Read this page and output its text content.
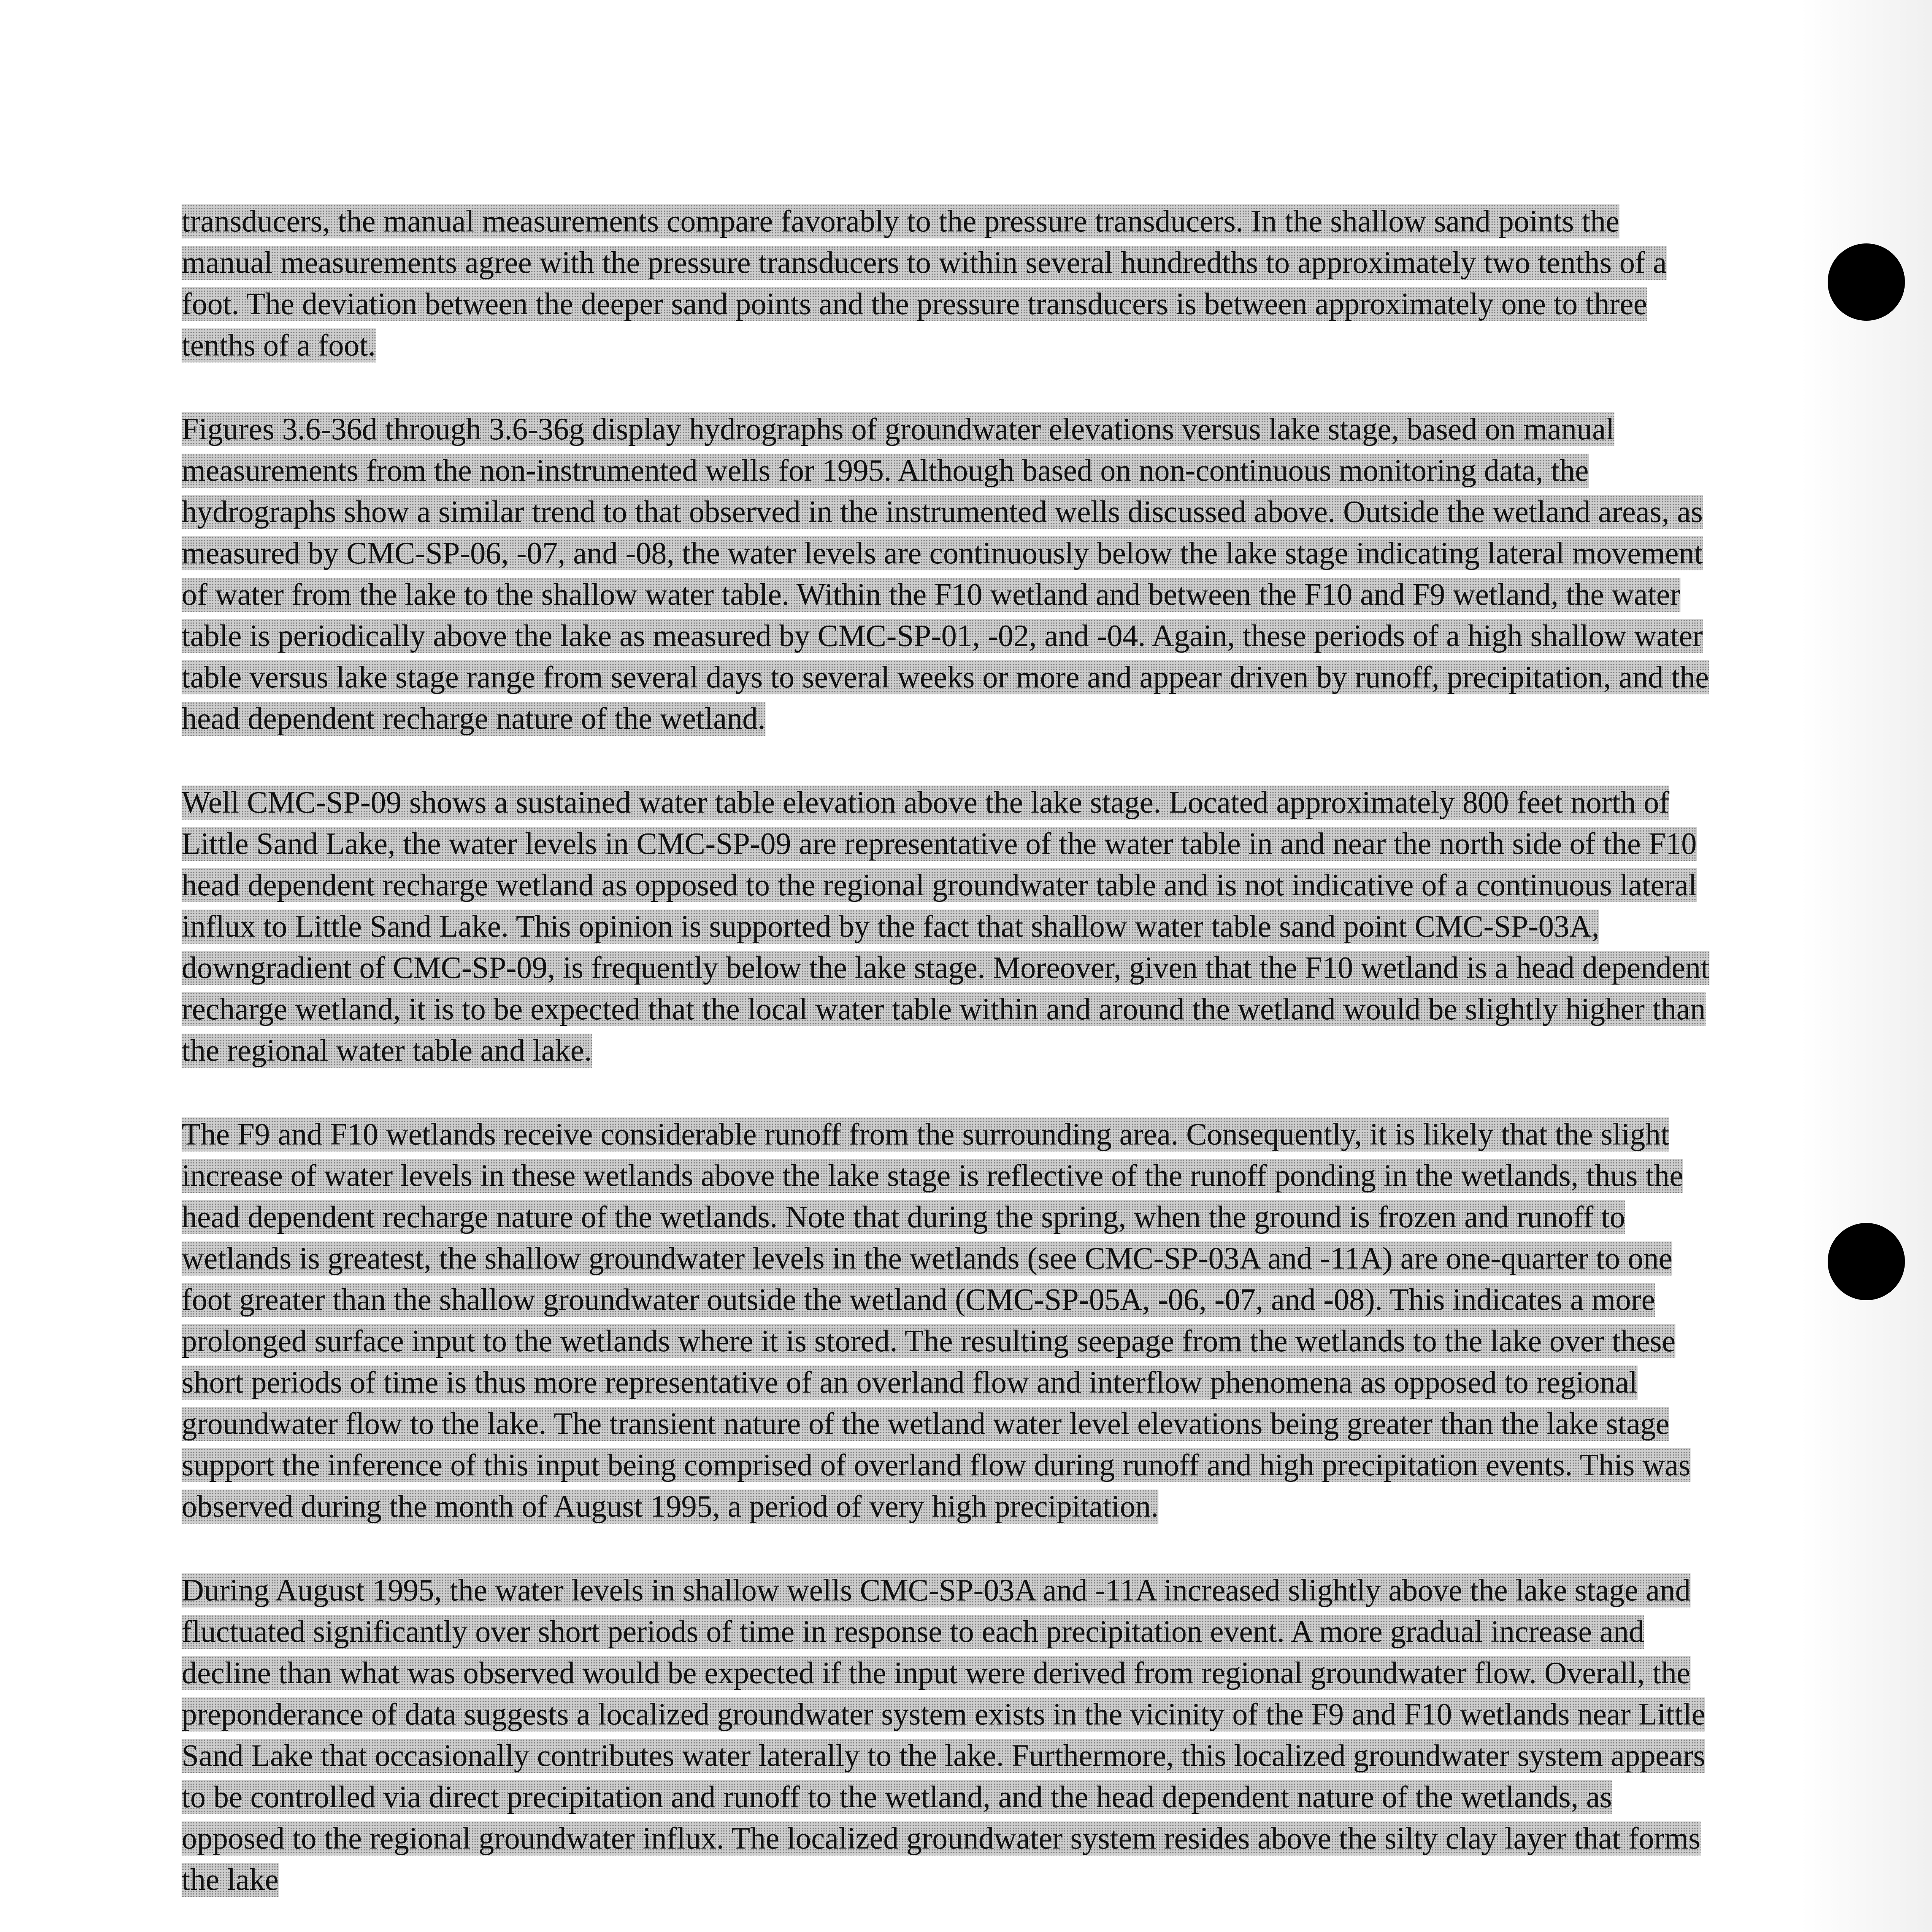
transducers, the manual measurements compare favorably to the pressure transducers. In the shallow sand points the manual measurements agree with the pressure transducers to within several hundredths to approximately two tenths of a foot. The deviation between the deeper sand points and the pressure transducers is between approximately one to three tenths of a foot.

Figures 3.6-36d through 3.6-36g display hydrographs of groundwater elevations versus lake stage, based on manual measurements from the non-instrumented wells for 1995. Although based on non-continuous monitoring data, the hydrographs show a similar trend to that observed in the instrumented wells discussed above. Outside the wetland areas, as measured by CMC-SP-06, -07, and -08, the water levels are continuously below the lake stage indicating lateral movement of water from the lake to the shallow water table. Within the F10 wetland and between the F10 and F9 wetland, the water table is periodically above the lake as measured by CMC-SP-01, -02, and -04. Again, these periods of a high shallow water table versus lake stage range from several days to several weeks or more and appear driven by runoff, precipitation, and the head dependent recharge nature of the wetland.

Well CMC-SP-09 shows a sustained water table elevation above the lake stage. Located approximately 800 feet north of Little Sand Lake, the water levels in CMC-SP-09 are representative of the water table in and near the north side of the F10 head dependent recharge wetland as opposed to the regional groundwater table and is not indicative of a continuous lateral influx to Little Sand Lake. This opinion is supported by the fact that shallow water table sand point CMC-SP-03A, downgradient of CMC-SP-09, is frequently below the lake stage. Moreover, given that the F10 wetland is a head dependent recharge wetland, it is to be expected that the local water table within and around the wetland would be slightly higher than the regional water table and lake.

The F9 and F10 wetlands receive considerable runoff from the surrounding area. Consequently, it is likely that the slight increase of water levels in these wetlands above the lake stage is reflective of the runoff ponding in the wetlands, thus the head dependent recharge nature of the wetlands. Note that during the spring, when the ground is frozen and runoff to wetlands is greatest, the shallow groundwater levels in the wetlands (see CMC-SP-03A and -11A) are one-quarter to one foot greater than the shallow groundwater outside the wetland (CMC-SP-05A, -06, -07, and -08). This indicates a more prolonged surface input to the wetlands where it is stored. The resulting seepage from the wetlands to the lake over these short periods of time is thus more representative of an overland flow and interflow phenomena as opposed to regional groundwater flow to the lake. The transient nature of the wetland water level elevations being greater than the lake stage support the inference of this input being comprised of overland flow during runoff and high precipitation events. This was observed during the month of August 1995, a period of very high precipitation.

During August 1995, the water levels in shallow wells CMC-SP-03A and -11A increased slightly above the lake stage and fluctuated significantly over short periods of time in response to each precipitation event. A more gradual increase and decline than what was observed would be expected if the input were derived from regional groundwater flow. Overall, the preponderance of data suggests a localized groundwater system exists in the vicinity of the F9 and F10 wetlands near Little Sand Lake that occasionally contributes water laterally to the lake. Furthermore, this localized groundwater system appears to be controlled via direct precipitation and runoff to the wetland, and the head dependent nature of the wetlands, as opposed to the regional groundwater influx. The localized groundwater system resides above the silty clay layer that forms the lake
